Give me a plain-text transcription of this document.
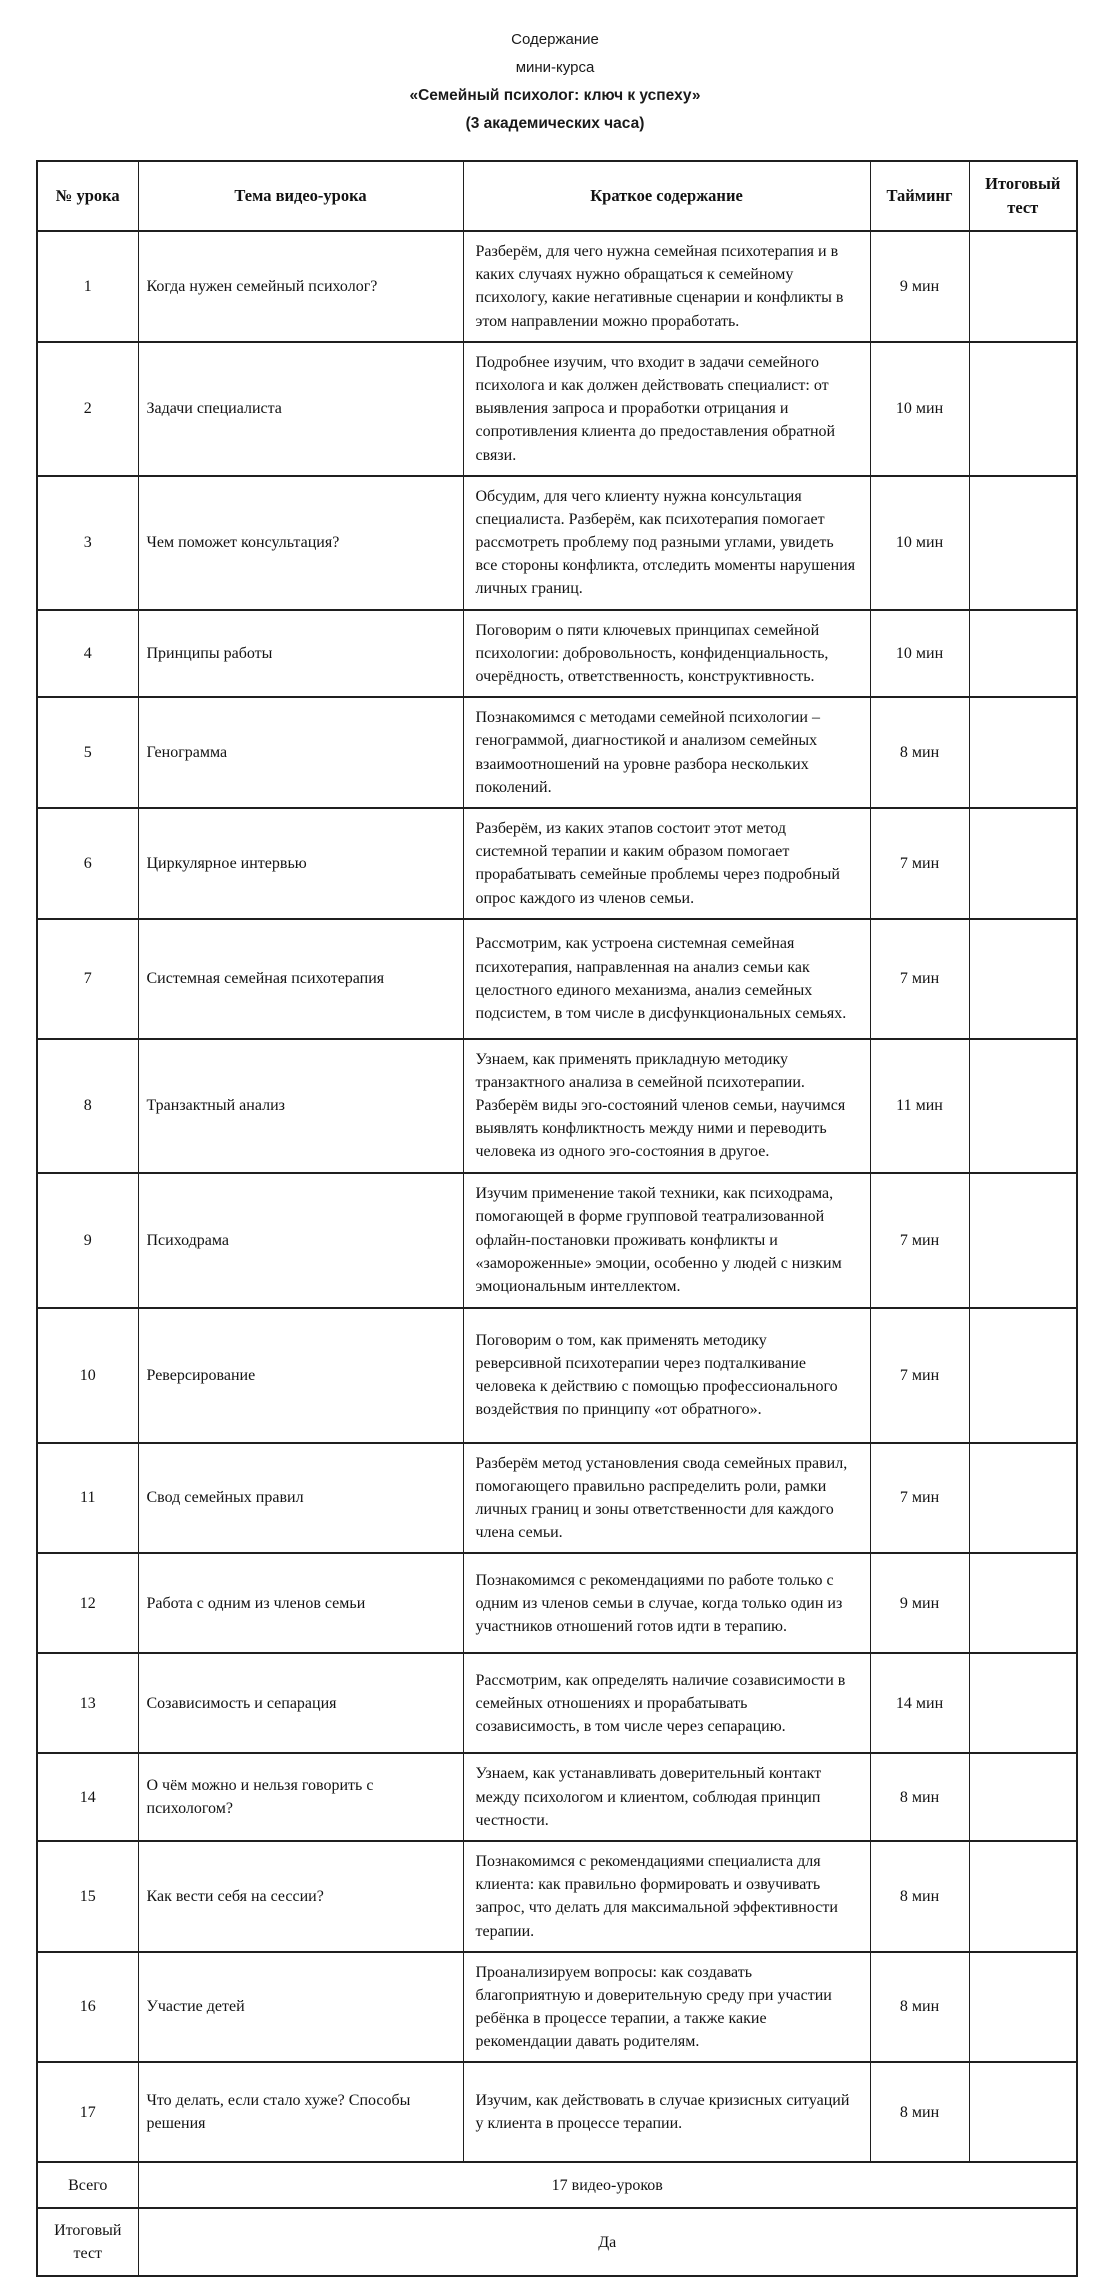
Содержание
мини-курса
«Семейный психолог: ключ к успеху»
(3 академических часа)
№ урока	Тема видео-урока	Краткое содержание	Тайминг	Итоговый тест
1	Когда нужен семейный психолог?	Разберём, для чего нужна семейная психотерапия и в каких случаях нужно обращаться к семейному психологу, какие негативные сценарии и конфликты в этом направлении можно проработать.	9 мин	
2	Задачи специалиста	Подробнее изучим, что входит в задачи семейного психолога и как должен действовать специалист: от выявления запроса и проработки отрицания и сопротивления клиента до предоставления обратной связи.	10 мин	
3	Чем поможет консультация?	Обсудим, для чего клиенту нужна консультация специалиста. Разберём, как психотерапия помогает рассмотреть проблему под разными углами, увидеть все стороны конфликта, отследить моменты нарушения личных границ.	10 мин	
4	Принципы работы	Поговорим о пяти ключевых принципах семейной психологии: добровольность, конфиденциальность, очерёдность, ответственность, конструктивность.	10 мин	
5	Генограмма	Познакомимся с методами семейной психологии – генограммой, диагностикой и анализом семейных взаимоотношений на уровне разбора нескольких поколений.	8 мин	
6	Циркулярное интервью	Разберём, из каких этапов состоит этот метод системной терапии и каким образом помогает прорабатывать семейные проблемы через подробный опрос каждого из членов семьи.	7 мин	
7	Системная семейная психотерапия	Рассмотрим, как устроена системная семейная психотерапия, направленная на анализ семьи как целостного единого механизма, анализ семейных подсистем, в том числе в дисфункциональных семьях.	7 мин	
8	Транзактный анализ	Узнаем, как применять прикладную методику транзактного анализа в семейной психотерапии. Разберём виды эго-состояний членов семьи, научимся выявлять конфликтность между ними и переводить человека из одного эго-состояния в другое.	11 мин	
9	Психодрама	Изучим применение такой техники, как психодрама, помогающей в форме групповой театрализованной офлайн-постановки проживать конфликты и «замороженные» эмоции, особенно у людей с низким эмоциональным интеллектом.	7 мин	
10	Реверсирование	Поговорим о том, как применять методику реверсивной психотерапии через подталкивание человека к действию с помощью профессионального воздействия по принципу «от обратного».	7 мин	
11	Свод семейных правил	Разберём метод установления свода семейных правил, помогающего правильно распределить роли, рамки личных границ и зоны ответственности для каждого члена семьи.	7 мин	
12	Работа с одним из членов семьи	Познакомимся с рекомендациями по работе только с одним из членов семьи в случае, когда только один из участников отношений готов идти в терапию.	9 мин	
13	Созависимость и сепарация	Рассмотрим, как определять наличие созависимости в семейных отношениях и прорабатывать созависимость, в том числе через сепарацию.	14 мин	
14	О чём можно и нельзя говорить с психологом?	Узнаем, как устанавливать доверительный контакт между психологом и клиентом, соблюдая принцип честности.	8 мин	
15	Как вести себя на сессии?	Познакомимся с рекомендациями специалиста для клиента: как правильно формировать и озвучивать запрос, что делать для максимальной эффективности терапии.	8 мин	
16	Участие детей	Проанализируем вопросы: как создавать благоприятную и доверительную среду при участии ребёнка в процессе терапии, а также какие рекомендации давать родителям.	8 мин	
17	Что делать, если стало хуже? Способы решения	Изучим, как действовать в случае кризисных ситуаций у клиента в процессе терапии.	8 мин	
Всего	17 видео-уроков			
Итоговый тест	Да			
